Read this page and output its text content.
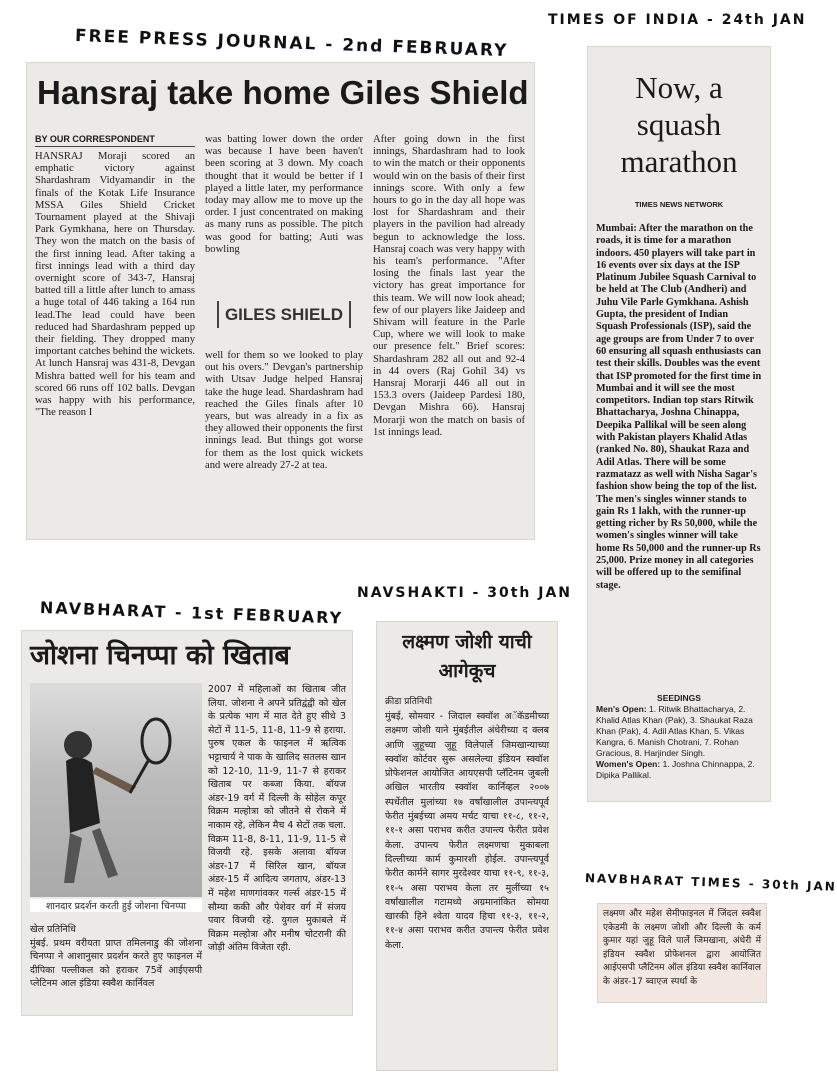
FREE PRESS JOURNAL - 2nd FEBRUARY
TIMES OF INDIA - 24th JAN
NAVBHARAT - 1st FEBRUARY
NAVSHAKTI - 30th JAN
NAVBHARAT TIMES - 30th JAN
Hansraj take home Giles Shield
BY OUR CORRESPONDENT
HANSRAJ Moraji scored an emphatic victory against Shardashram Vidyamandir in the finals of the Kotak Life Insurance MSSA Giles Shield Cricket Tournament played at the Shivaji Park Gymkhana, here on Thursday. They won the match on the basis of the first inning lead. After taking a first innings lead with a third day overnight score of 343-7, Hansraj batted till a little after lunch to amass a huge total of 446 taking a 164 run lead.The lead could have been reduced had Shardashram pepped up their fielding. They dropped many important catches behind the wickets. At lunch Hansraj was 431-8, Devgan Mishra batted well for his team and scored 66 runs off 102 balls. Devgan was happy with his performance, "The reason I
was batting lower down the order was because I have been haven't been scoring at 3 down. My coach thought that it would be better if I played a little later, my performance today may allow me to move up the order. I just concentrated on making as many runs as possible. The pitch was good for batting; Auti was bowling
GILES SHIELD
well for them so we looked to play out his overs." Devgan's partnership with Utsav Judge helped Hansraj take the huge lead. Shardashram had reached the Giles finals after 10 years, but was already in a fix as they allowed their opponents the first innings lead. But things got worse for them as the lost quick wickets and were already 27-2 at tea.
After going down in the first innings, Shardashram had to look to win the match or their opponents would win on the basis of their first innings score. With only a few hours to go in the day all hope was lost for Shardashram and their players in the pavilion had already begun to acknowledge the loss. Hansraj coach was very happy with his team's performance. "After losing the finals last year the victory has great importance for this team. We will now look ahead; few of our players like Jaideep and Shivam will feature in the Parle Cup, where we will look to make our presence felt." Brief scores: Shardashram 282 all out and 92-4 in 44 overs (Raj Gohil 34) vs Hansraj Morarji 446 all out in 153.3 overs (Jaideep Pardesi 180, Devgan Mishra 66). Hansraj Morarji won the match on basis of 1st innings lead.
Now, a squash marathon
TIMES NEWS NETWORK
Mumbai: After the marathon on the roads, it is time for a marathon indoors. 450 players will take part in 16 events over six days at the ISP Platinum Jubilee Squash Carnival to be held at The Club (Andheri) and Juhu Vile Parle Gymkhana. Ashish Gupta, the president of Indian Squash Professionals (ISP), said the age groups are from Under 7 to over 60 ensuring all squash enthusiasts can test their skills. Doubles was the event that ISP promoted for the first time in Mumbai and it will see the most competitors. Indian top stars Ritwik Bhattacharya, Joshna Chinappa, Deepika Pallikal will be seen along with Pakistan players Khalid Atlas (ranked No. 80), Shaukat Raza and Adil Atlas. There will be some razmatazz as well with Nisha Sagar's fashion show being the top of the list. The men's singles winner stands to gain Rs 1 lakh, with the runner-up getting richer by Rs 50,000, while the women's singles winner will take home Rs 50,000 and the runner-up Rs 25,000. Prize money in all categories will be offered up to the semifinal stage.
SEEDINGS
Men's Open: 1. Ritwik Bhattacharya, 2. Khalid Atlas Khan (Pak), 3. Shaukat Raza Khan (Pak), 4. Adil Atlas Khan, 5. Vikas Kangra, 6. Manish Chotrani, 7. Rohan Gracious, 8. Harjinder Singh.
Women's Open: 1. Joshna Chinnappa, 2. Dipika Pallikal.
जोशना चिनप्पा को खिताब
शानदार प्रदर्शन करती हुई जोशना चिनप्पा
2007 में महिलाओं का खिताब जीत लिया. जोशना ने अपने प्रतिद्वंद्वी को खेल के प्रत्येक भाग में मात देते हुए सीधे 3 सेटों में 11-5, 11-8, 11-9 से हराया. पुरुष एकल के फाइनल में ऋत्विक भट्टाचार्य ने पाक के खालिद सतलस खान को 12-10, 11-9, 11-7 से हराकर खिताब पर कब्जा किया. बॉयज अंडर-19 वर्ग में दिल्ली के सोहेल कपूर विक्रम मल्होत्रा को जीतने से रोकने में नाकाम रहे, लेकिन मैच 4 सेटों तक चला. विक्रम 11-8, 8-11, 11-9, 11-5 से विजयी रहे. इसके अलावा बॉयज अंडर-17 में सिरिल खान, बॉयज अंडर-15 में आदित्य जगताप, अंडर-13 में महेश माणगांवकर गर्ल्स अंडर-15 में सौम्या ककी और पेशेवर वर्ग में संजय पवार विजयी रहे. युगल मुकाबले में विक्रम मल्होत्रा और मनीष चोटरानी की जोड़ी अंतिम विजेता रही.
खेल प्रतिनिधि
मुंबई. प्रथम वरीयता प्राप्त तमिलनाडु की जोशना चिनप्पा ने आशानुसार प्रदर्शन करते हुए फाइनल में दीपिका पल्लीकल को हराकर 75वें आईएसपी प्लेटिनम आल इंडिया स्क्वैश कार्निवल
लक्ष्मण जोशी याची आगेकूच
क्रीडा प्रतिनिधी
मुंबई, सोमवार - जिदाल स्क्वॉश अॅकॅडमीच्या लक्ष्मण जोशी याने मुंबईतील अंधेरीच्या द क्लब आणि जुहूच्या जुहू विलेपार्ले जिमखान्याच्या स्क्वॉश कोर्टवर सुरू असलेल्या इंडियन स्क्वॉश प्रोफेशनल आयोजित आयएसपी प्लॅटिनम जुबली अखिल भारतीय स्क्वॉश कार्निव्हल २००७ स्पर्धेतील मुलांच्या १७ वर्षांखालील उपान्त्यपूर्व फेरीत मुंबईच्या अमय मर्चट याचा ११-८, ११-२, ११-१ असा पराभव करीत उपान्त्य फेरीत प्रवेश केला. उपान्त्य फेरीत लक्ष्मणचा मुकाबला दिल्लीच्या कार्म कुमारशी होईल. उपान्त्यपूर्व फेरीत कार्मने सागर मुरदेश्वर याचा ११-९, ११-३, ११-५ असा पराभव केला तर मुलींच्या १५ वर्षांखालील गटामध्ये अग्रमानांकित सोमया खारकी हिने श्वेता यादव हिचा ११-३, ११-२, ११-४ असा पराभव करीत उपान्त्य फेरीत प्रवेश केला.
लक्ष्मण और महेश सेमीफाइनल में जिंदल स्क्वैश एकेडमी के लक्ष्मण जोशी और दिल्ली के कर्म कुमार यहां जुहू विले पार्ले जिमखाना, अंधेरी में इंडियन स्क्वैश प्रोफेशनल द्वारा आयोजित आईएसपी प्लैटिनम ऑल इंडिया स्क्वैश कार्निवाल के अंडर-17 ब्वाएज स्पर्धा के
